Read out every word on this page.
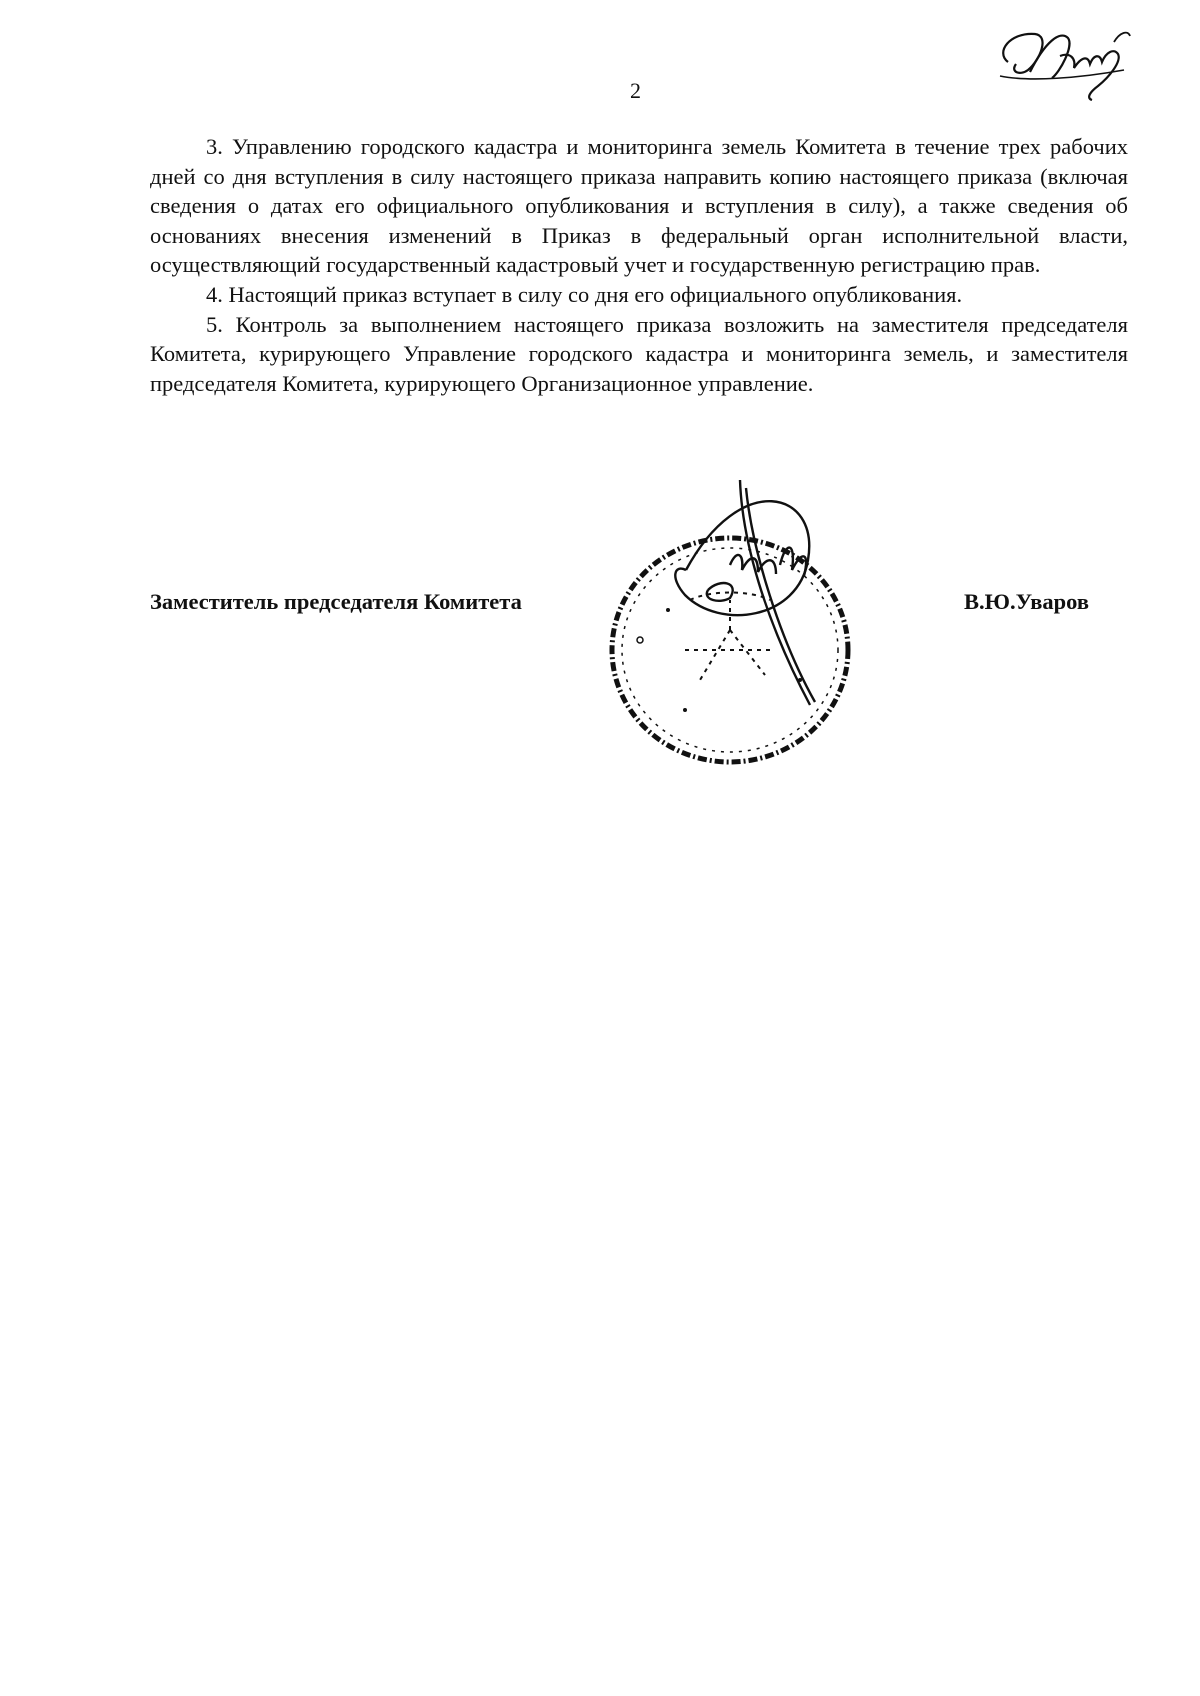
2

3. Управлению городского кадастра и мониторинга земель Комитета в течение трех рабочих дней со дня вступления в силу настоящего приказа направить копию настоящего приказа (включая сведения о датах его официального опубликования и вступления в силу), а также сведения об основаниях внесения изменений в Приказ в федеральный орган исполнительной власти, осуществляющий государственный кадастровый учет и государственную регистрацию прав.

4. Настоящий приказ вступает в силу со дня его официального опубликования.

5. Контроль за выполнением настоящего приказа возложить на заместителя председателя Комитета, курирующего Управление городского кадастра и мониторинга земель, и заместителя председателя Комитета, курирующего Организационное управление.

Заместитель председателя Комитета	В.Ю.Уваров
